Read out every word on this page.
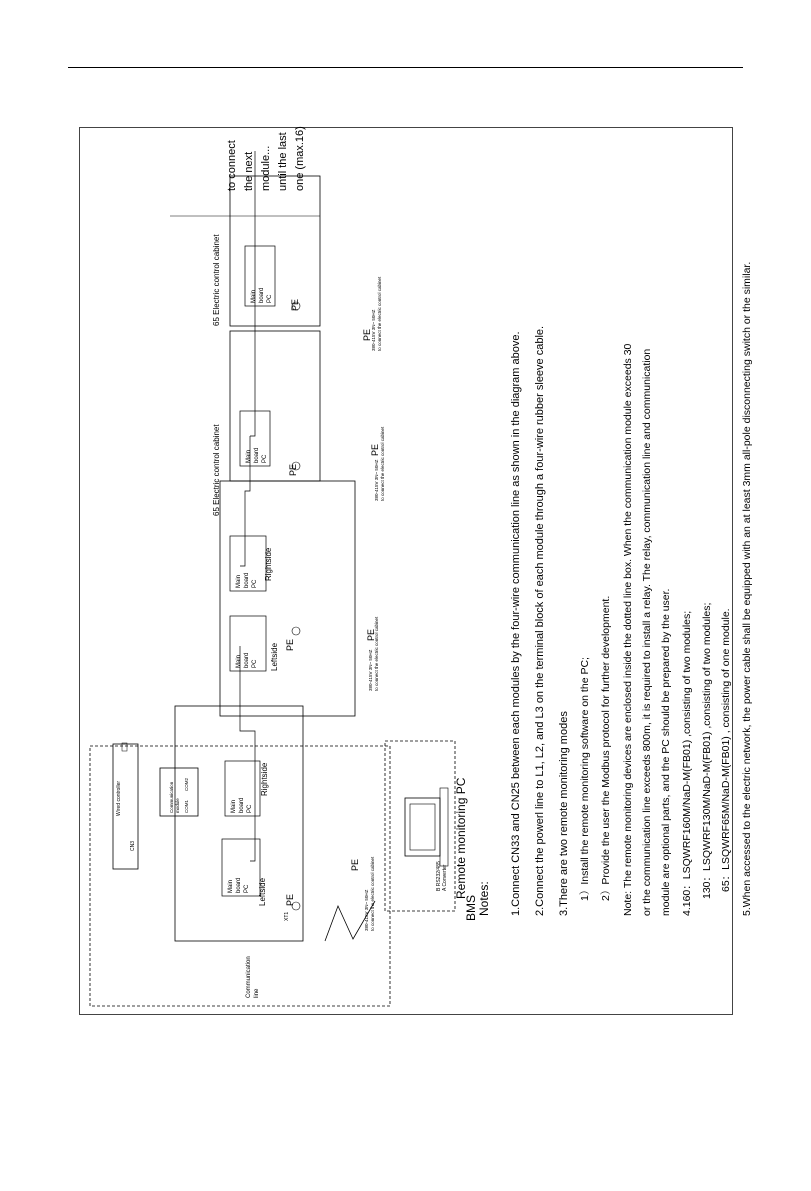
Notes: 1.Connect CN33 and CN25 between each modules by the four-wire communication line as shown in the diagram above. 2.Connect the powerl line to L1, L2, and L3 on the terminal block of each module through a four-wire rubber sleeve cable. 3.There are two remote monitoring modes 1）Install the remote monitoring software on the PC; 2）Provide the user the Modbus protocol for further development. Note: The remote monitoring devices are enclosed inside the dotted line box. When the communication module exceeds 30 or the communication line exceeds 800m, it is required to install a relay. The relay, communication line and communication module are optional parts, and the PC should be prepared by the user. 4.160：LSQWRF160M/NaD-M(FB01) ,consisting of two modules; 130：LSQWRF130M/NaD-M(FB01) ,consisting of two modules; 65：LSQWRF65M/NaD-M(FB01) , consisting of one module. 5.When accessed to the electric network, the power cable shall be equipped with an at least 3mm all-pole disconnecting switch or the similar.
BMS
Remote monitoring PC
Communication line
Communication module COM1
COM2
Wired controller
CN3
B RS232/485 A Converter
Main board PC Leftside
Main board PC
Rightside
PE
XT1	380-415V 3N~ 50HZ to connect the electric control cabinet
PE
Main board PC Leftside
Main board PC
Rightside
PE
380-415V 3N~ 50HZ to connect the electric control cabinet
PE
Main board PC
65 Electric control cabinet	PE	380-415V 3N~ 50HZ to connect the electric control cabinet
PE
Main board PC
65 Electric control cabinet	PE
380-415V 3N~ 50HZ to connect the electric control cabinet
PE
to connect the next module... until the last one (max.16)
